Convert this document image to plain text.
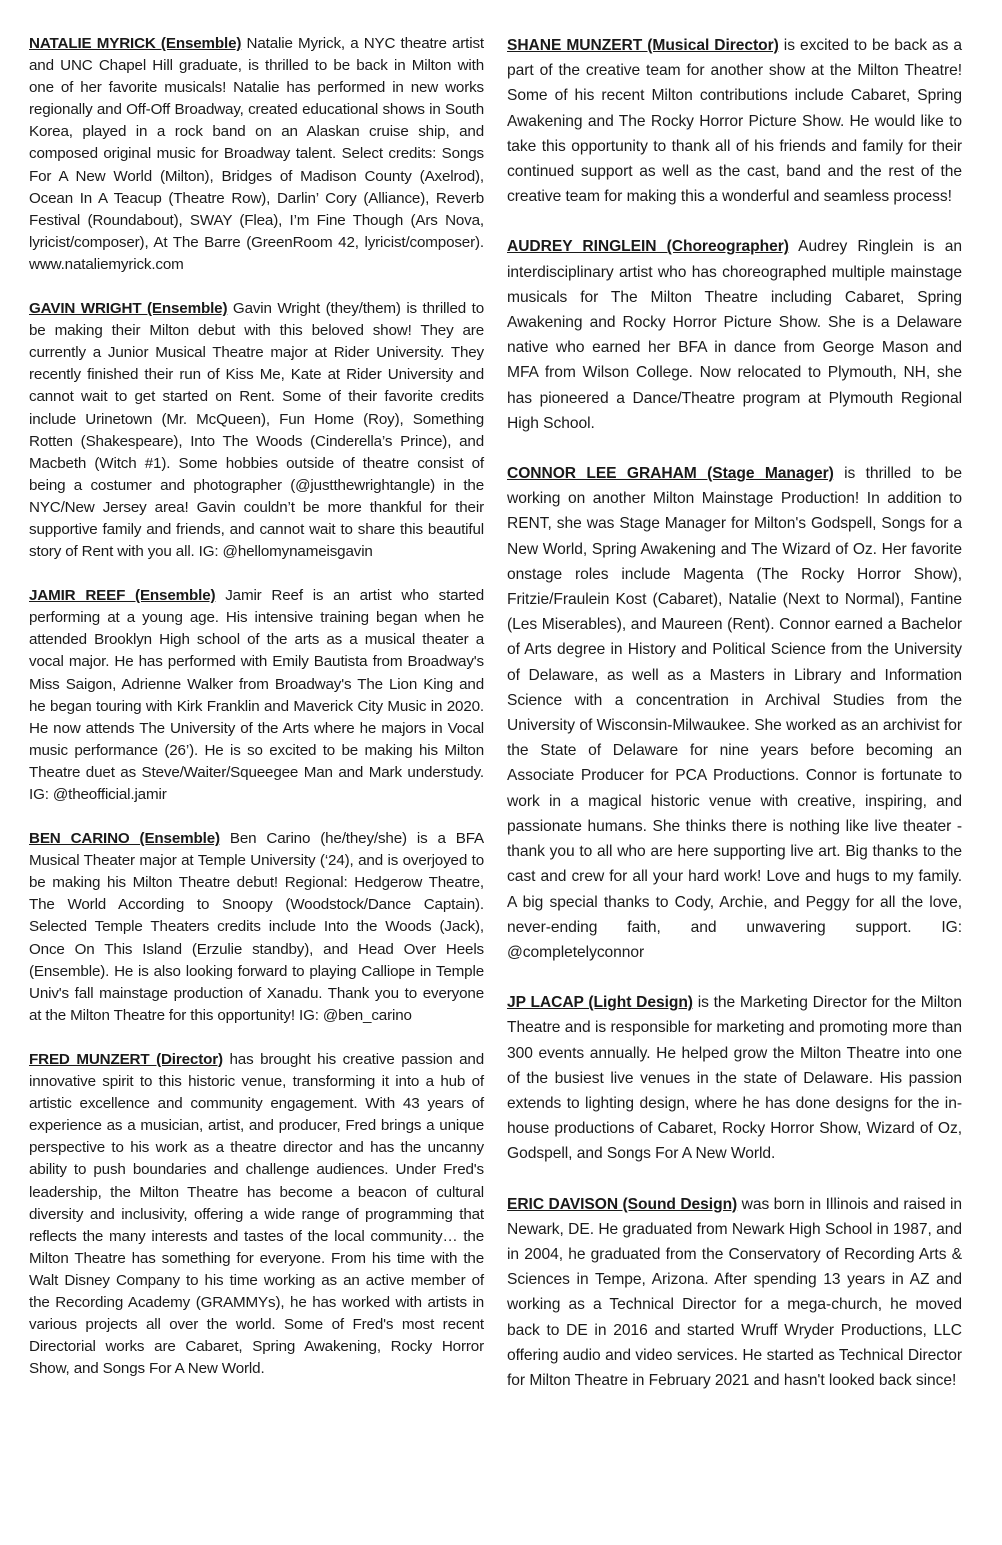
NATALIE MYRICK (Ensemble) Natalie Myrick, a NYC theatre artist and UNC Chapel Hill graduate, is thrilled to be back in Milton with one of her favorite musicals! Natalie has performed in new works regionally and Off-Off Broadway, created educational shows in South Korea, played in a rock band on an Alaskan cruise ship, and composed original music for Broadway talent. Select credits: Songs For A New World (Milton), Bridges of Madison County (Axelrod), Ocean In A Teacup (Theatre Row), Darlin’ Cory (Alliance), Reverb Festival (Roundabout), SWAY (Flea), I’m Fine Though (Ars Nova, lyricist/composer), At The Barre (GreenRoom 42, lyricist/composer). www.nataliemyrick.com

GAVIN WRIGHT (Ensemble) Gavin Wright (they/them) is thrilled to be making their Milton debut with this beloved show! They are currently a Junior Musical Theatre major at Rider University. They recently finished their run of Kiss Me, Kate at Rider University and cannot wait to get started on Rent. Some of their favorite credits include Urinetown (Mr. McQueen), Fun Home (Roy), Something Rotten (Shakespeare), Into The Woods (Cinderella’s Prince), and Macbeth (Witch #1). Some hobbies outside of theatre consist of being a costumer and photographer (@justthewrightangle) in the NYC/New Jersey area! Gavin couldn’t be more thankful for their supportive family and friends, and cannot wait to share this beautiful story of Rent with you all. IG: @hellomynameisgavin

JAMIR REEF (Ensemble) Jamir Reef is an artist who started performing at a young age. His intensive training began when he attended Brooklyn High school of the arts as a musical theater a vocal major. He has performed with Emily Bautista from Broadway's Miss Saigon, Adrienne Walker from Broadway's The Lion King and he began touring with Kirk Franklin and Maverick City Music in 2020. He now attends The University of the Arts where he majors in Vocal music performance (26’). He is so excited to be making his Milton Theatre duet as Steve/Waiter/Squeegee Man and Mark understudy. IG: @theofficial.jamir

BEN CARINO (Ensemble) Ben Carino (he/they/she) is a BFA Musical Theater major at Temple University (‘24), and is overjoyed to be making his Milton Theatre debut! Regional: Hedgerow Theatre, The World According to Snoopy (Woodstock/Dance Captain). Selected Temple Theaters credits include Into the Woods (Jack), Once On This Island (Erzulie standby), and Head Over Heels (Ensemble). He is also looking forward to playing Calliope in Temple Univ's fall mainstage production of Xanadu. Thank you to everyone at the Milton Theatre for this opportunity! IG: @ben_carino

FRED MUNZERT (Director) has brought his creative passion and innovative spirit to this historic venue, transforming it into a hub of artistic excellence and community engagement. With 43 years of experience as a musician, artist, and producer, Fred brings a unique perspective to his work as a theatre director and has the uncanny ability to push boundaries and challenge audiences. Under Fred's leadership, the Milton Theatre has become a beacon of cultural diversity and inclusivity, offering a wide range of programming that reflects the many interests and tastes of the local community… the Milton Theatre has something for everyone. From his time with the Walt Disney Company to his time working as an active member of the Recording Academy (GRAMMYs), he has worked with artists in various projects all over the world. Some of Fred's most recent Directorial works are Cabaret, Spring Awakening, Rocky Horror Show, and Songs For A New World.

SHANE MUNZERT (Musical Director) is excited to be back as a part of the creative team for another show at the Milton Theatre! Some of his recent Milton contributions include Cabaret, Spring Awakening and The Rocky Horror Picture Show. He would like to take this opportunity to thank all of his friends and family for their continued support as well as the cast, band and the rest of the creative team for making this a wonderful and seamless process!

AUDREY RINGLEIN (Choreographer) Audrey Ringlein is an interdisciplinary artist who has choreographed multiple mainstage musicals for The Milton Theatre including Cabaret, Spring Awakening and Rocky Horror Picture Show. She is a Delaware native who earned her BFA in dance from George Mason and MFA from Wilson College. Now relocated to Plymouth, NH, she has pioneered a Dance/Theatre program at Plymouth Regional High School.

CONNOR LEE GRAHAM (Stage Manager) is thrilled to be working on another Milton Mainstage Production! In addition to RENT, she was Stage Manager for Milton's Godspell, Songs for a New World, Spring Awakening and The Wizard of Oz. Her favorite onstage roles include Magenta (The Rocky Horror Show), Fritzie/Fraulein Kost (Cabaret), Natalie (Next to Normal), Fantine (Les Miserables), and Maureen (Rent). Connor earned a Bachelor of Arts degree in History and Political Science from the University of Delaware, as well as a Masters in Library and Information Science with a concentration in Archival Studies from the University of Wisconsin-Milwaukee. She worked as an archivist for the State of Delaware for nine years before becoming an Associate Producer for PCA Productions. Connor is fortunate to work in a magical historic venue with creative, inspiring, and passionate humans. She thinks there is nothing like live theater - thank you to all who are here supporting live art. Big thanks to the cast and crew for all your hard work! Love and hugs to my family. A big special thanks to Cody, Archie, and Peggy for all the love, never-ending faith, and unwavering support. IG: @completelyconnor

JP LACAP (Light Design) is the Marketing Director for the Milton Theatre and is responsible for marketing and promoting more than 300 events annually. He helped grow the Milton Theatre into one of the busiest live venues in the state of Delaware. His passion extends to lighting design, where he has done designs for the in-house productions of Cabaret, Rocky Horror Show, Wizard of Oz, Godspell, and Songs For A New World.

ERIC DAVISON (Sound Design) was born in Illinois and raised in Newark, DE. He graduated from Newark High School in 1987, and in 2004, he graduated from the Conservatory of Recording Arts & Sciences in Tempe, Arizona. After spending 13 years in AZ and working as a Technical Director for a mega-church, he moved back to DE in 2016 and started Wruff Wryder Productions, LLC offering audio and video services. He started as Technical Director for Milton Theatre in February 2021 and hasn't looked back since!
